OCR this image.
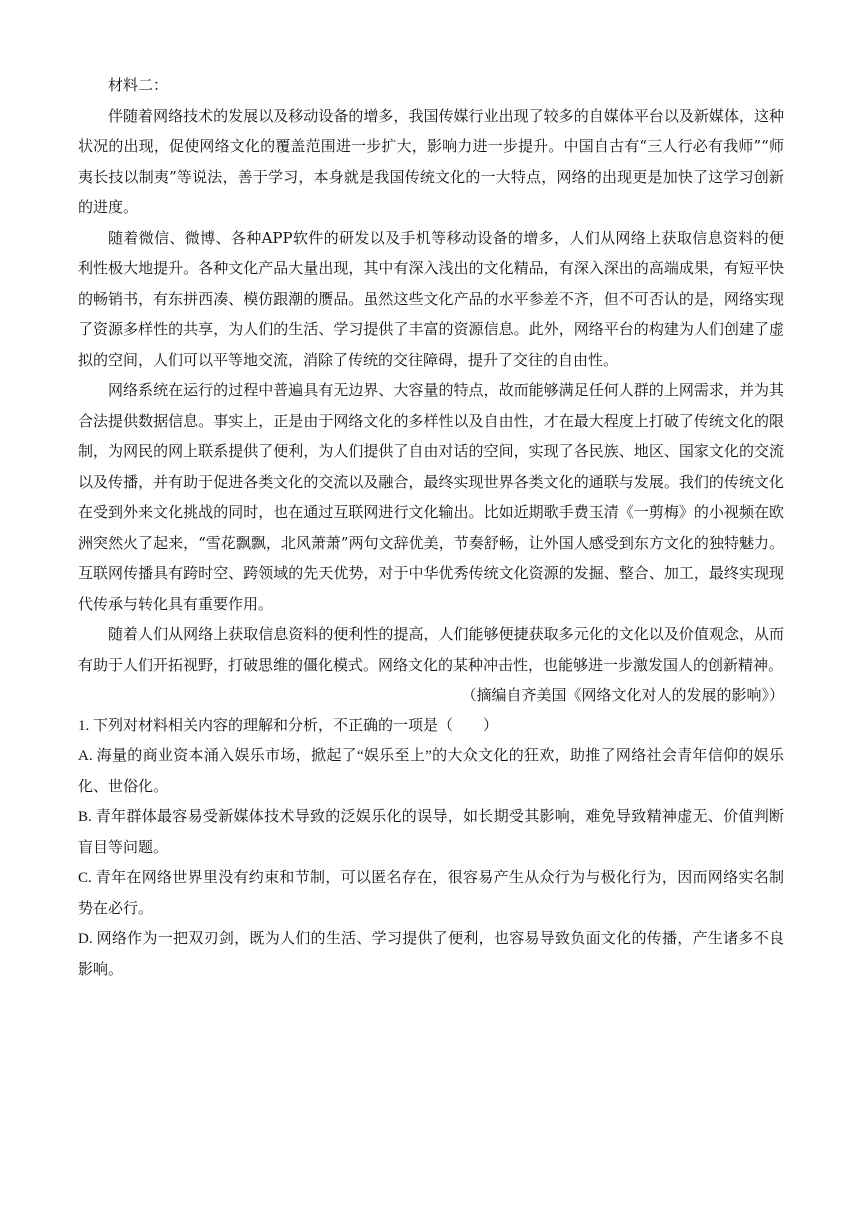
材料二：

伴随着网络技术的发展以及移动设备的增多，我国传媒行业出现了较多的自媒体平台以及新媒体，这种状况的出现，促使网络文化的覆盖范围进一步扩大，影响力进一步提升。中国自古有“三人行必有我师”“师夷长技以制夷”等说法，善于学习，本身就是我国传统文化的一大特点，网络的出现更是加快了这学习创新的进度。

随着微信、微博、各种APP软件的研发以及手机等移动设备的增多，人们从网络上获取信息资料的便利性极大地提升。各种文化产品大量出现，其中有深入浅出的文化精品，有深入深出的高端成果，有短平快的畅销书，有东拼西凑、模仿跟潮的赝品。虽然这些文化产品的水平参差不齐，但不可否认的是，网络实现了资源多样性的共享，为人们的生活、学习提供了丰富的资源信息。此外，网络平台的构建为人们创建了虚拟的空间，人们可以平等地交流，消除了传统的交往障碍，提升了交往的自由性。

网络系统在运行的过程中普遍具有无边界、大容量的特点，故而能够满足任何人群的上网需求，并为其合法提供数据信息。事实上，正是由于网络文化的多样性以及自由性，才在最大程度上打破了传统文化的限制，为网民的网上联系提供了便利，为人们提供了自由对话的空间，实现了各民族、地区、国家文化的交流以及传播，并有助于促进各类文化的交流以及融合，最终实现世界各类文化的通联与发展。我们的传统文化在受到外来文化挑战的同时，也在通过互联网进行文化输出。比如近期歌手费玉清《一剪梅》的小视频在欧洲突然火了起来，“雪花飘飘，北风萧萧”两句文辞优美，节奏舒畅，让外国人感受到东方文化的独特魅力。互联网传播具有跨时空、跨领域的先天优势，对于中华优秀传统文化资源的发掘、整合、加工，最终实现现代传承与转化具有重要作用。

随着人们从网络上获取信息资料的便利性的提高，人们能够便捷获取多元化的文化以及价值观念，从而有助于人们开拓视野，打破思维的僵化模式。网络文化的某种冲击性，也能够进一步激发国人的创新精神。

（摘编自齐美国《网络文化对人的发展的影响》）

1. 下列对材料相关内容的理解和分析，不正确的一项是（　　）

A. 海量的商业资本涌入娱乐市场，掀起了“娱乐至上”的大众文化的狂欢，助推了网络社会青年信仰的娱乐化、世俗化。

B. 青年群体最容易受新媒体技术导致的泛娱乐化的误导，如长期受其影响，难免导致精神虚无、价值判断盲目等问题。

C. 青年在网络世界里没有约束和节制，可以匿名存在，很容易产生从众行为与极化行为，因而网络实名制势在必行。

D. 网络作为一把双刃剑，既为人们的生活、学习提供了便利，也容易导致负面文化的传播，产生诸多不良影响。
